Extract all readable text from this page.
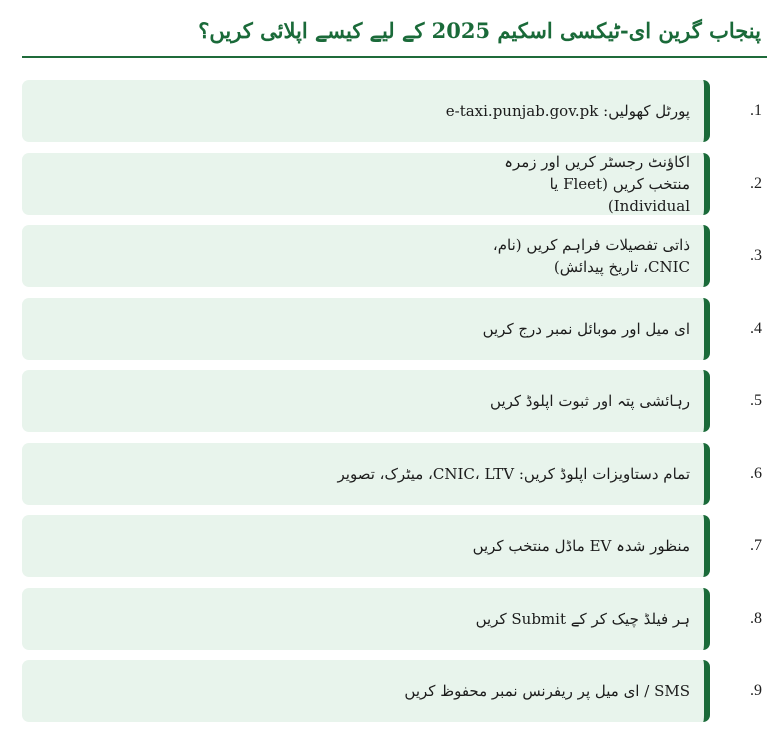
پنجاب گرین ای-ٹیکسی اسکیم 2025 کے لیے کیسے اپلائی کریں؟
پورٹل کھولیں: e-taxi.punjab.gov.pk	.1
اکاؤنٹ رجسٹر کریں اور زمرہ منتخب کریں (Fleet یا Individual)
.2
ذاتی تفصیلات فراہم کریں (نام، CNIC، تاریخ پیدائش)
.3
ای میل اور موبائل نمبر درج کریں	.4
رہائشی پتہ اور ثبوت اپلوڈ کریں	.5
تمام دستاویزات اپلوڈ کریں: CNIC، LTV، میٹرک، تصویر	.6
منظور شدہ EV ماڈل منتخب کریں	.7
ہر فیلڈ چیک کر کے Submit کریں	.8
SMS / ای میل پر ریفرنس نمبر محفوظ کریں	.9
